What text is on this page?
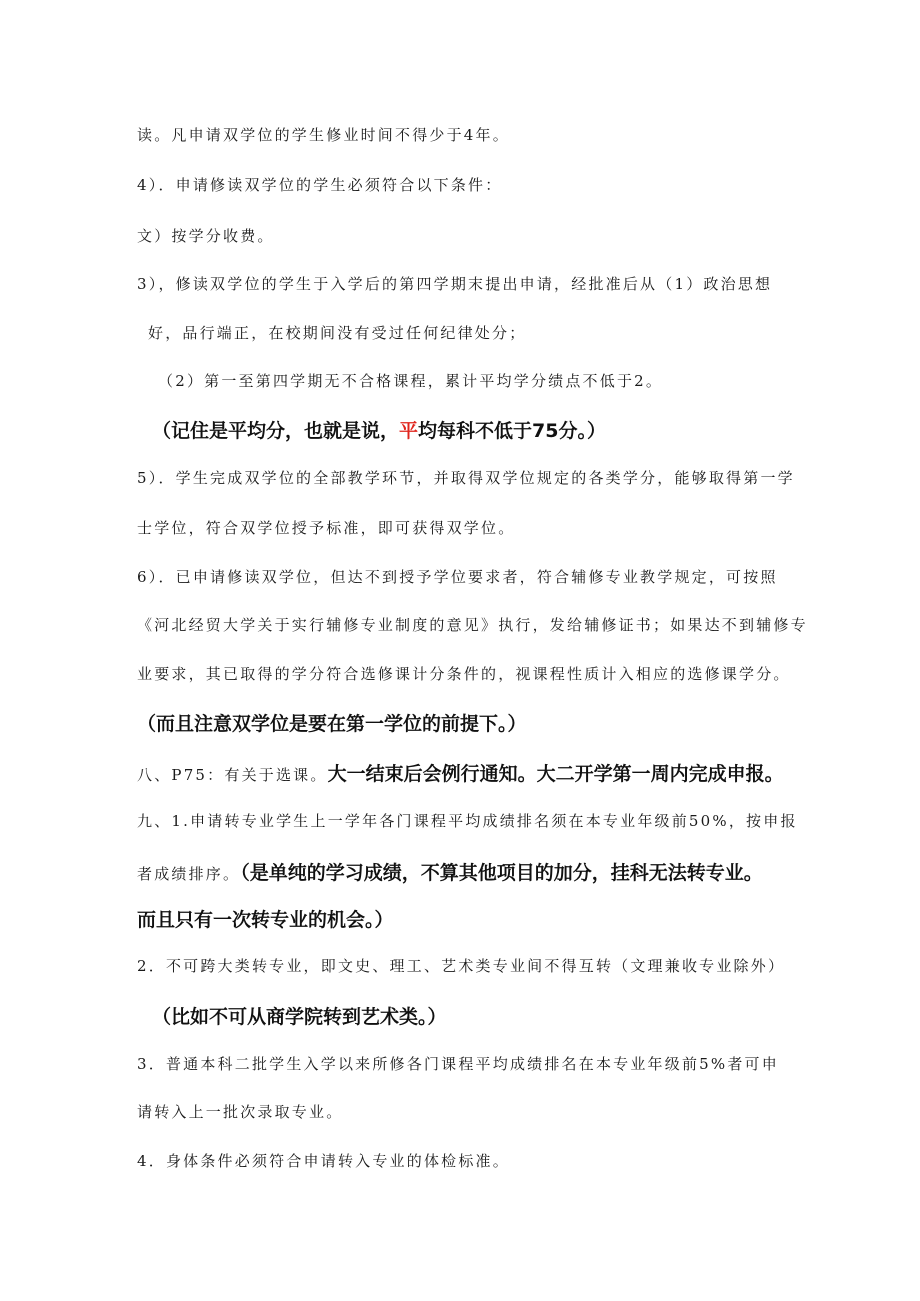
读。凡申请双学位的学生修业时间不得少于4年。
4）．申请修读双学位的学生必须符合以下条件：
文）按学分收费。
3），修读双学位的学生于入学后的第四学期末提出申请，经批准后从（1）政治思想
好，品行端正，在校期间没有受过任何纪律处分；
（2）第一至第四学期无不合格课程，累计平均学分绩点不低于2。
（记住是平均分，也就是说，平均每科不低于75分。）
5）．学生完成双学位的全部教学环节，并取得双学位规定的各类学分，能够取得第一学
士学位，符合双学位授予标准，即可获得双学位。
6）．已申请修读双学位，但达不到授予学位要求者，符合辅修专业教学规定，可按照
《河北经贸大学关于实行辅修专业制度的意见》执行，发给辅修证书；如果达不到辅修专
业要求，其已取得的学分符合选修课计分条件的，视课程性质计入相应的选修课学分。
（而且注意双学位是要在第一学位的前提下。）
八、P75：有关于选课。大一结束后会例行通知。大二开学第一周内完成申报。
九、1.申请转专业学生上一学年各门课程平均成绩排名须在本专业年级前50%，按申报
者成绩排序。（是单纯的学习成绩，不算其他项目的加分，挂科无法转专业。
而且只有一次转专业的机会。）
2．不可跨大类转专业，即文史、理工、艺术类专业间不得互转（文理兼收专业除外）
（比如不可从商学院转到艺术类。）
3．普通本科二批学生入学以来所修各门课程平均成绩排名在本专业年级前5%者可申
请转入上一批次录取专业。
4．身体条件必须符合申请转入专业的体检标准。
